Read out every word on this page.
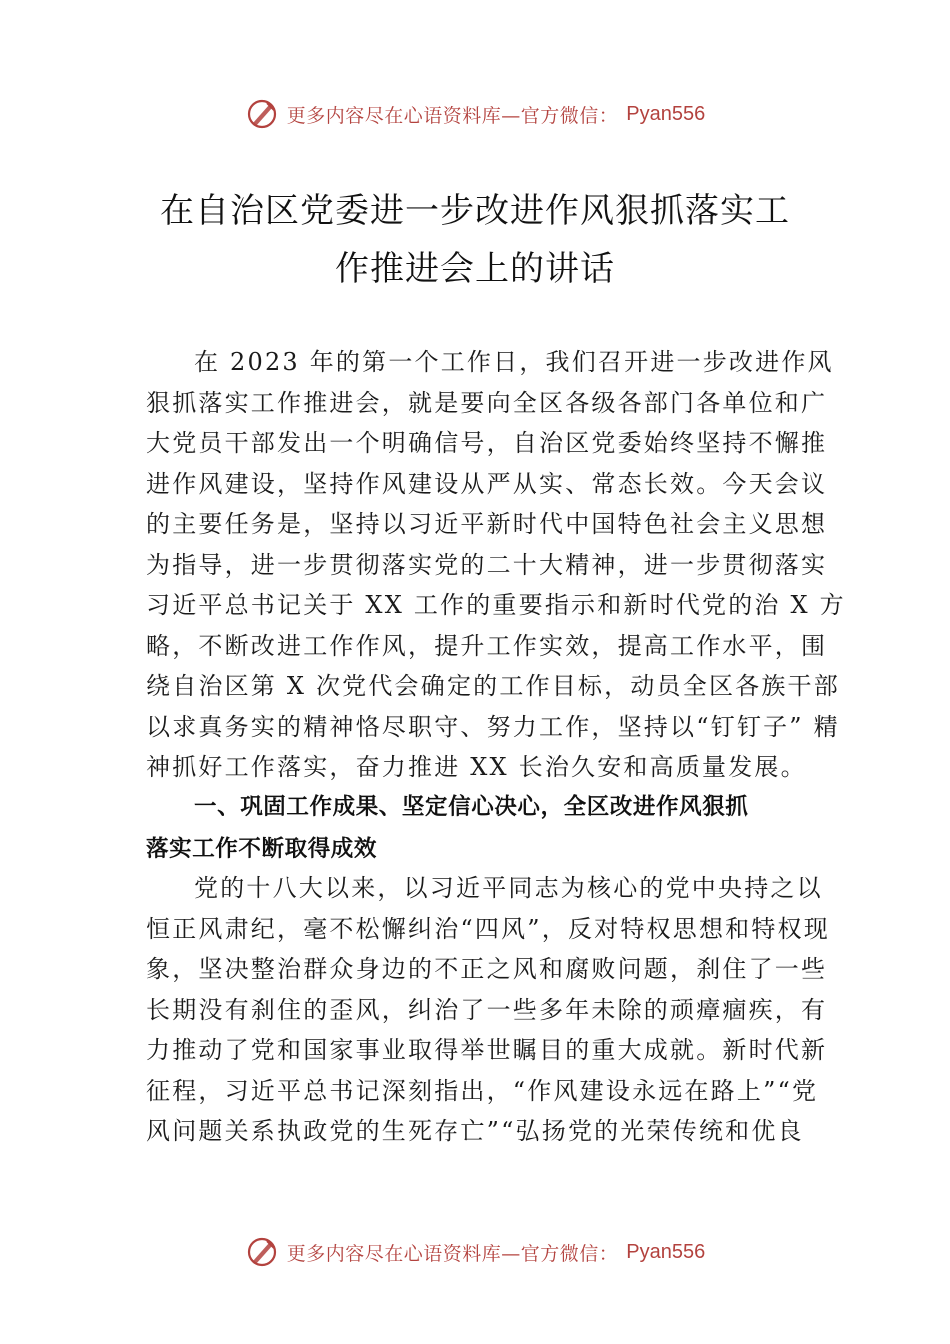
更多内容尽在心语资料库—官方微信： Pyan556
在自治区党委进一步改进作风狠抓落实工
作推进会上的讲话
在 2023 年的第一个工作日，我们召开进一步改进作风
狠抓落实工作推进会，就是要向全区各级各部门各单位和广
大党员干部发出一个明确信号，自治区党委始终坚持不懈推
进作风建设，坚持作风建设从严从实、常态长效。今天会议
的主要任务是，坚持以习近平新时代中国特色社会主义思想
为指导，进一步贯彻落实党的二十大精神，进一步贯彻落实
习近平总书记关于 XX 工作的重要指示和新时代党的治 X 方
略，不断改进工作作风，提升工作实效，提高工作水平，围
绕自治区第 X 次党代会确定的工作目标，动员全区各族干部
以求真务实的精神恪尽职守、努力工作，坚持以“钉钉子” 精
神抓好工作落实，奋力推进 XX 长治久安和高质量发展。
一、巩固工作成果、坚定信心决心，全区改进作风狠抓
落实工作不断取得成效
党的十八大以来，以习近平同志为核心的党中央持之以
恒正风肃纪，毫不松懈纠治“四风”，反对特权思想和特权现
象，坚决整治群众身边的不正之风和腐败问题，刹住了一些
长期没有刹住的歪风，纠治了一些多年未除的顽瘴痼疾，有
力推动了党和国家事业取得举世瞩目的重大成就。新时代新
征程，习近平总书记深刻指出，“作风建设永远在路上”“党
风问题关系执政党的生死存亡”“弘扬党的光荣传统和优良
更多内容尽在心语资料库—官方微信： Pyan556
